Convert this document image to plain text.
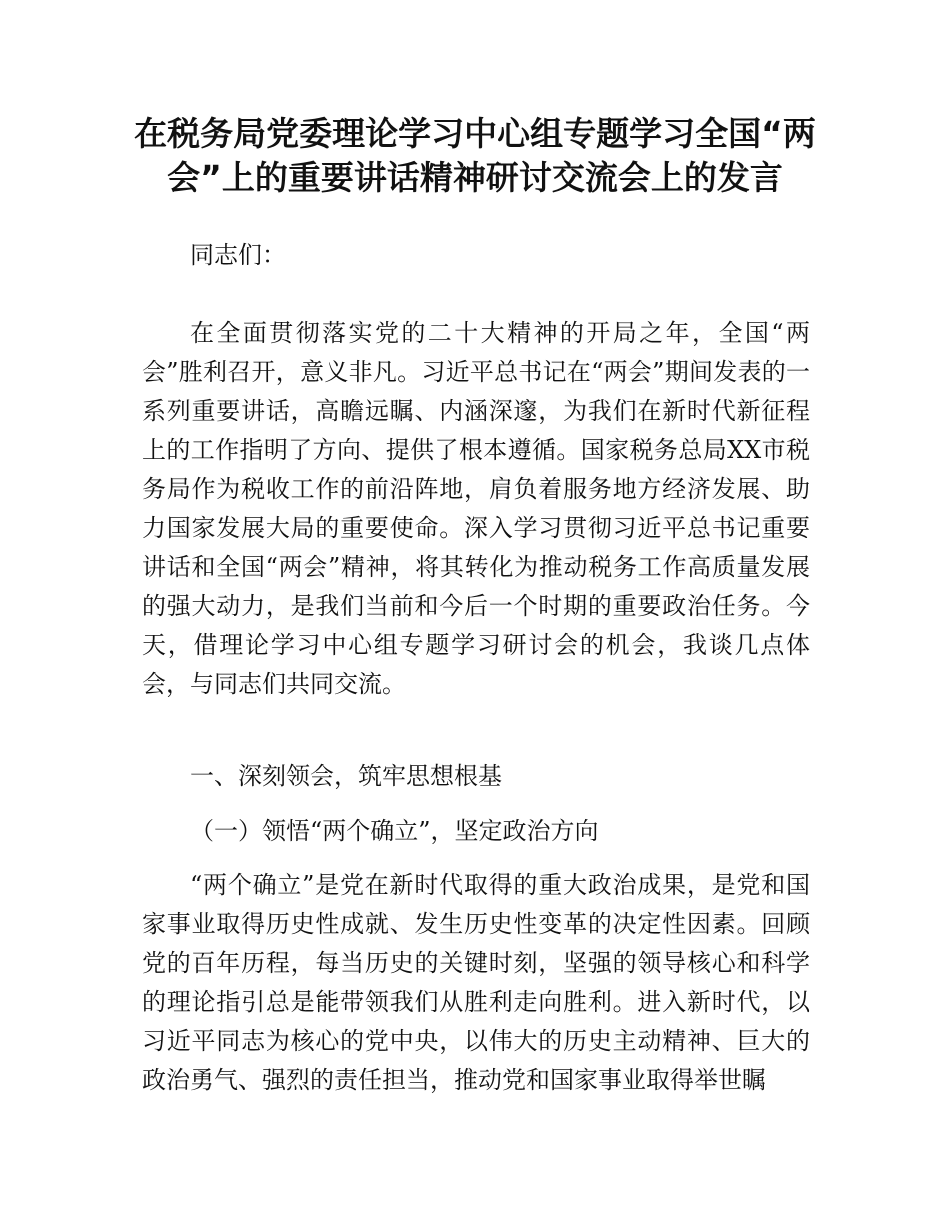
在税务局党委理论学习中心组专题学习全国“两会”上的重要讲话精神研讨交流会上的发言

同志们：

在全面贯彻落实党的二十大精神的开局之年，全国“两会”胜利召开，意义非凡。习近平总书记在“两会”期间发表的一系列重要讲话，高瞻远瞩、内涵深邃，为我们在新时代新征程上的工作指明了方向、提供了根本遵循。国家税务总局XX市税务局作为税收工作的前沿阵地，肩负着服务地方经济发展、助力国家发展大局的重要使命。深入学习贯彻习近平总书记重要讲话和全国“两会”精神，将其转化为推动税务工作高质量发展的强大动力，是我们当前和今后一个时期的重要政治任务。今天，借理论学习中心组专题学习研讨会的机会，我谈几点体会，与同志们共同交流。

一、深刻领会，筑牢思想根基

（一）领悟“两个确立”，坚定政治方向

“两个确立”是党在新时代取得的重大政治成果，是党和国家事业取得历史性成就、发生历史性变革的决定性因素。回顾党的百年历程，每当历史的关键时刻，坚强的领导核心和科学的理论指引总是能带领我们从胜利走向胜利。进入新时代，以习近平同志为核心的党中央，以伟大的历史主动精神、巨大的政治勇气、强烈的责任担当，推动党和国家事业取得举世瞩
